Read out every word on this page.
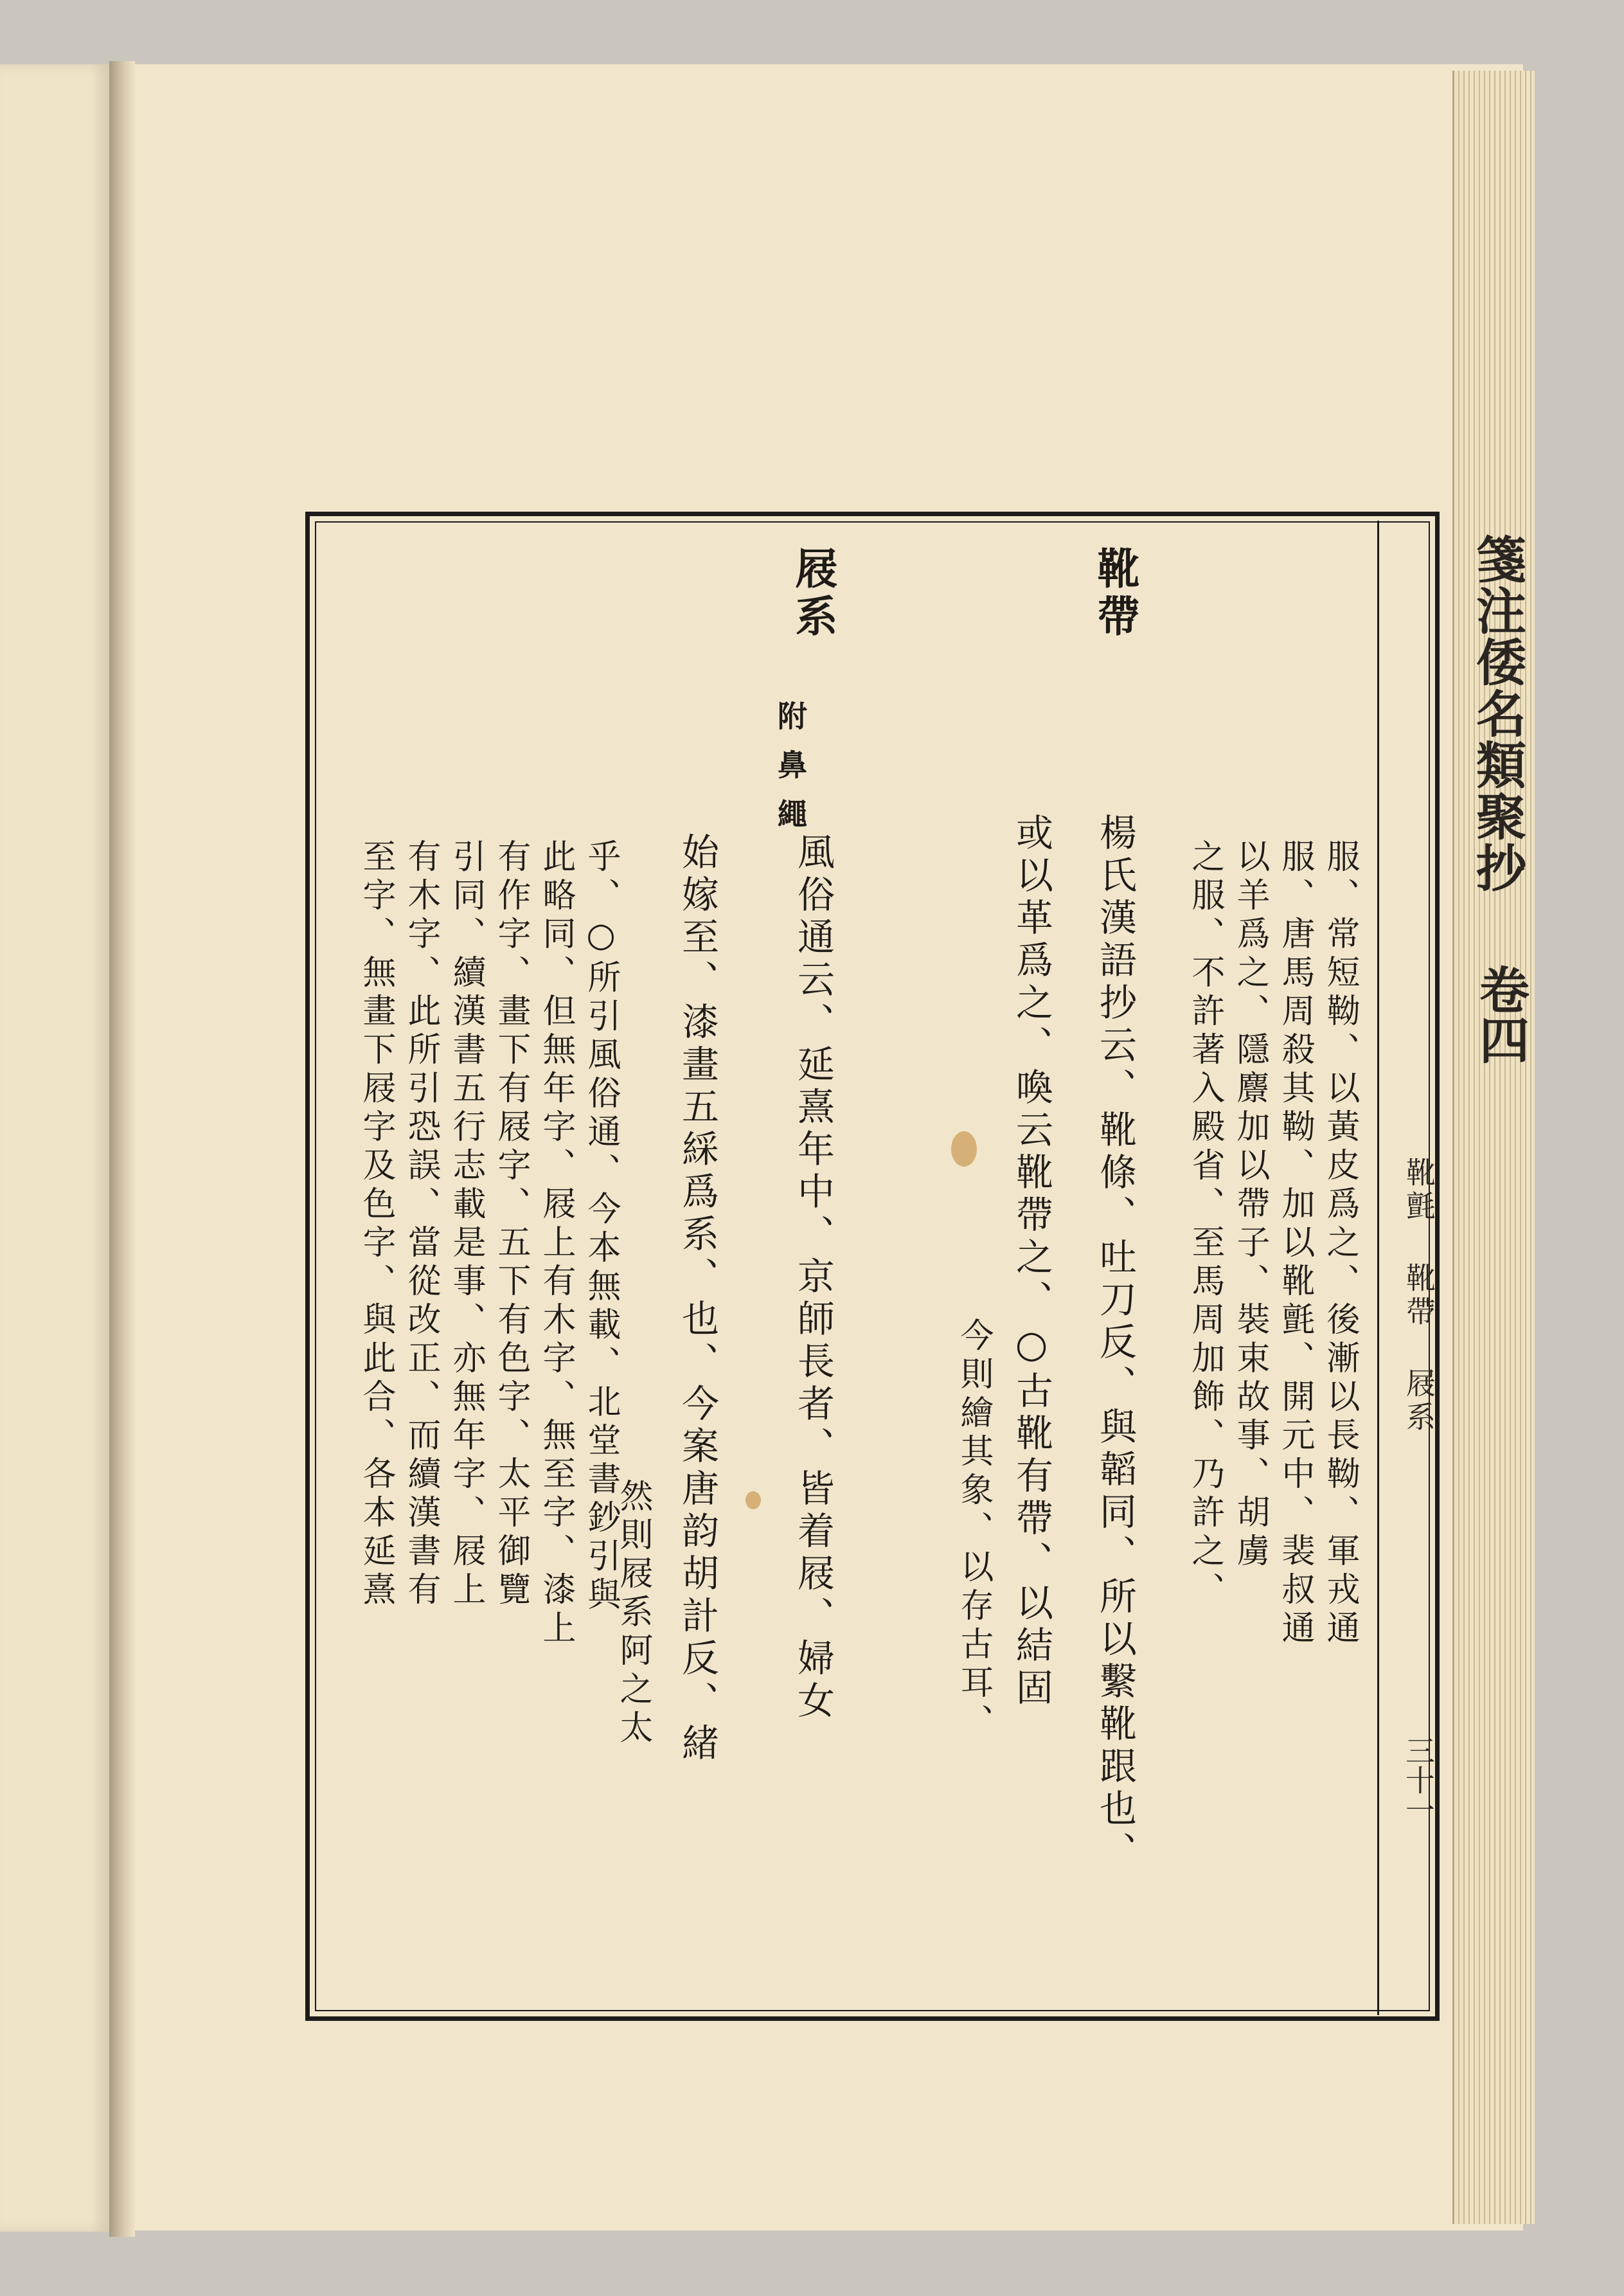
箋注倭名類聚抄
卷四
靴氈 靴帶 屐系
三十一
服、常短靿、以黃皮爲之、後漸以長靿、軍戎通
服、唐馬周殺其靿、加以靴氈、開元中、裴叔通
以羊爲之、隱麖加以帶子、裝束故事、胡虜
之服、不許著入殿省、至馬周加飾、乃許之、
靴帶
楊氏漢語抄云、靴條、吐刀反、與韜同、所以繫靴跟也、
或以革爲之、喚云靴帶之、○古靴有帶、以結固
今則繪其象、以存古耳、
屐系
附鼻繩
風俗通云、延熹年中、京師長者、皆着屐、婦女
始嫁至、漆畫五綵爲系、也、今案唐韵胡計反、緒
然則屐系阿之太
乎、○所引風俗通、今本無載、北堂書鈔引與
此略同、但無年字、屐上有木字、無至字、漆上
有作字、畫下有屐字、五下有色字、太平御覽
引同、續漢書五行志載是事、亦無年字、屐上
有木字、此所引恐誤、當從改正、而續漢書有
至字、無畫下屐字及色字、與此合、各本延熹
